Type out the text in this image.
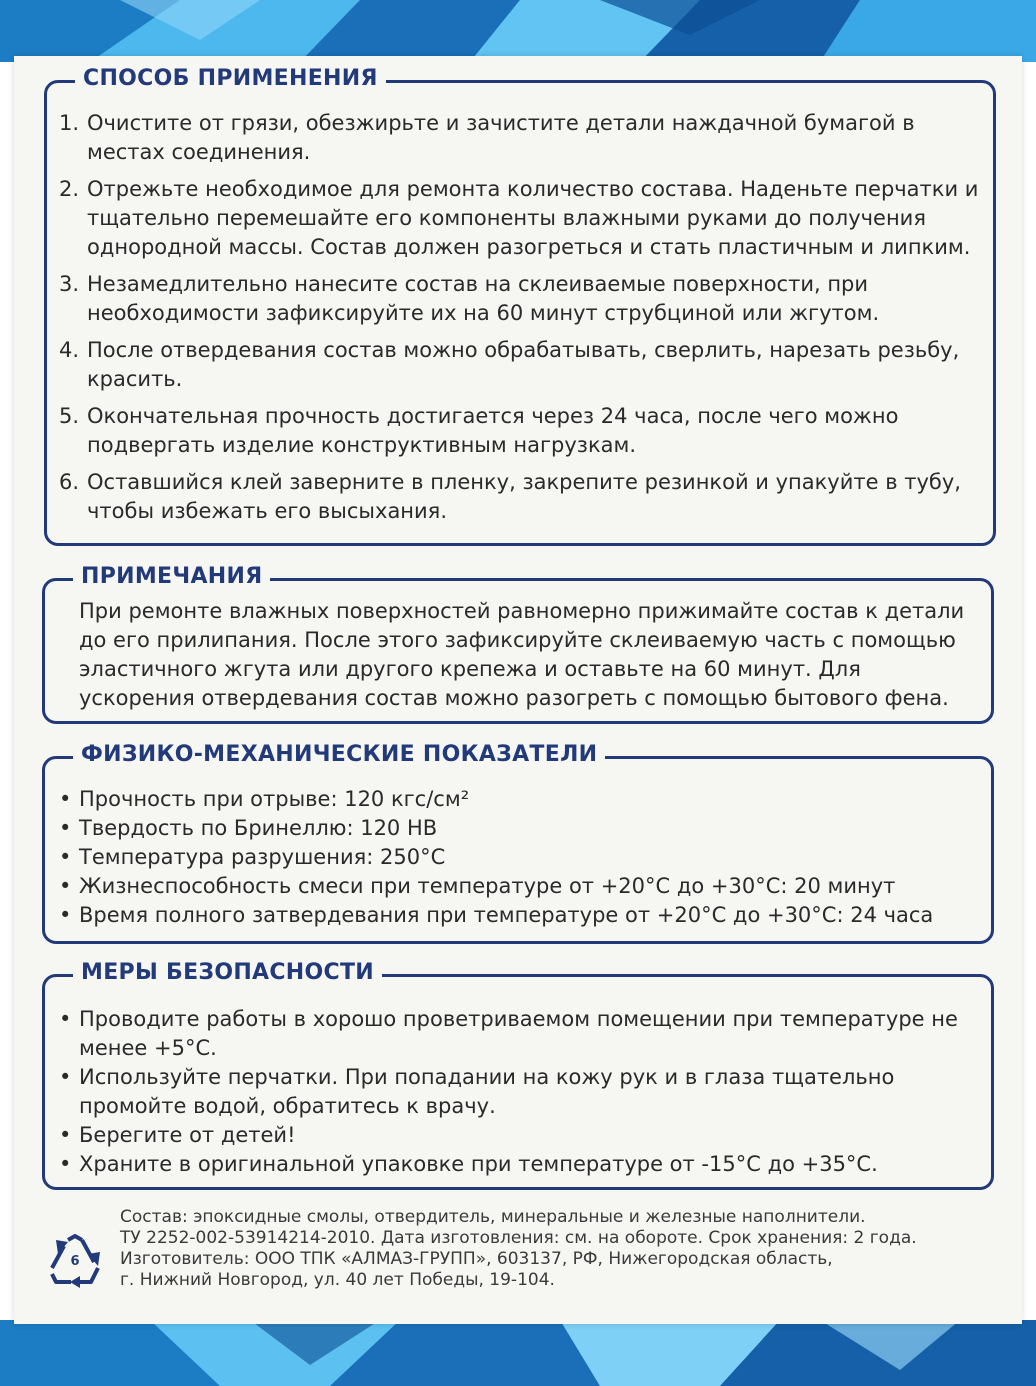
СПОСОБ ПРИМЕНЕНИЯ
1. Очистите от грязи, обезжирьте и зачистите детали наждачной бумагой в местах соединения.
2. Отрежьте необходимое для ремонта количество состава. Наденьте перчатки и тщательно перемешайте его компоненты влажными руками до получения однородной массы. Состав должен разогреться и стать пластичным и липким.
3. Незамедлительно нанесите состав на склеиваемые поверхности, при необходимости зафиксируйте их на 60 минут струбциной или жгутом.
4. После отвердевания состав можно обрабатывать, сверлить, нарезать резьбу, красить.
5. Окончательная прочность достигается через 24 часа, после чего можно подвергать изделие конструктивным нагрузкам.
6. Оставшийся клей заверните в пленку, закрепите резинкой и упакуйте в тубу, чтобы избежать его высыхания.
ПРИМЕЧАНИЯ
При ремонте влажных поверхностей равномерно прижимайте состав к детали до его прилипания. После этого зафиксируйте склеиваемую часть с помощью эластичного жгута или другого крепежа и оставьте на 60 минут. Для ускорения отвердевания состав можно разогреть с помощью бытового фена.
ФИЗИКО-МЕХАНИЧЕСКИЕ ПОКАЗАТЕЛИ
• Прочность при отрыве: 120 кгс/см²
• Твердость по Бринеллю: 120 НВ
• Температура разрушения: 250°C
• Жизнеспособность смеси при температуре от +20°C до +30°C: 20 минут
• Время полного затвердевания при температуре от +20°C до +30°C: 24 часа
МЕРЫ БЕЗОПАСНОСТИ
• Проводите работы в хорошо проветриваемом помещении при температуре не менее +5°C.
• Используйте перчатки. При попадании на кожу рук и в глаза тщательно промойте водой, обратитесь к врачу.
• Берегите от детей!
• Храните в оригинальной упаковке при температуре от -15°C до +35°C.
6
Состав: эпоксидные смолы, отвердитель, минеральные и железные наполнители.
ТУ 2252-002-53914214-2010. Дата изготовления: см. на обороте. Срок хранения: 2 года.
Изготовитель: ООО ТПК «АЛМАЗ-ГРУПП», 603137, РФ, Нижегородская область,
г. Нижний Новгород, ул. 40 лет Победы, 19-104.
